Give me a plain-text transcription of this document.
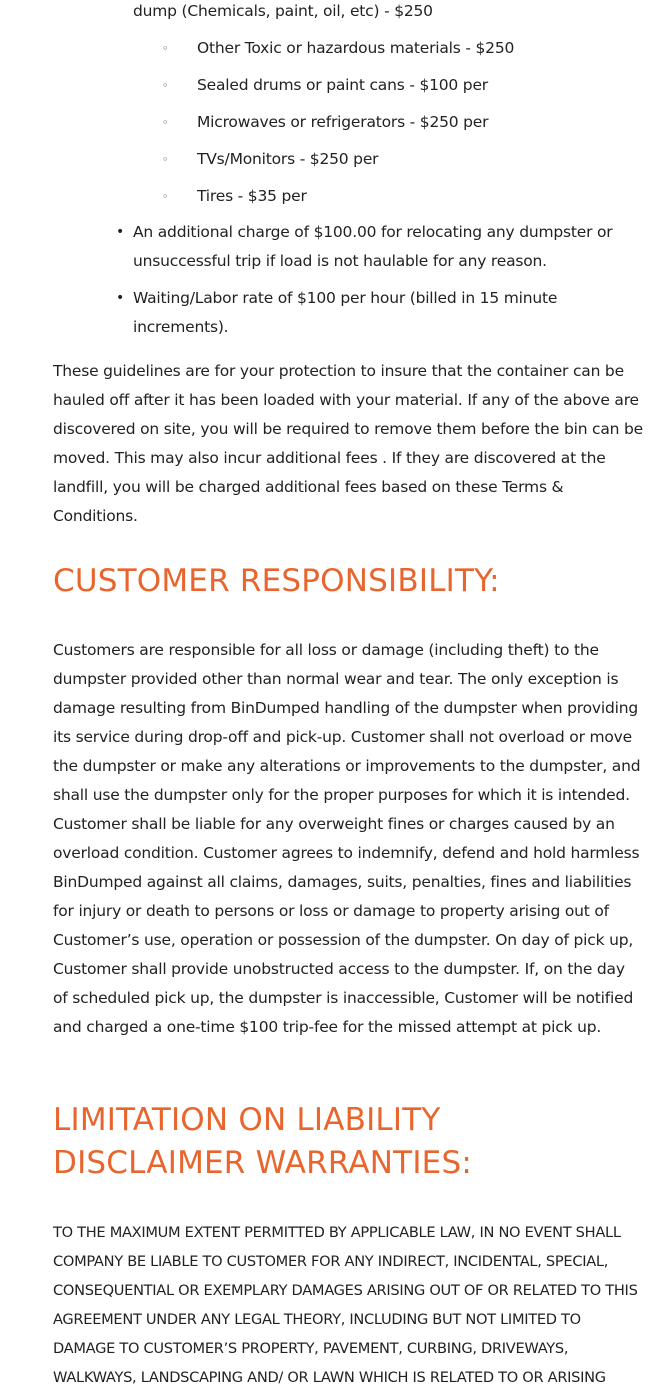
dump (Chemicals, paint, oil, etc) - $250
◦ Other Toxic or hazardous materials - $250
◦ Sealed drums or paint cans - $100 per
◦ Microwaves or refrigerators - $250 per
◦ TVs/Monitors - $250 per
◦ Tires - $35 per
• An additional charge of $100.00 for relocating any dumpster or unsuccessful trip if load is not haulable for any reason.
• Waiting/Labor rate of $100 per hour (billed in 15 minute increments).

These guidelines are for your protection to insure that the container can be hauled off after it has been loaded with your material. If any of the above are discovered on site, you will be required to remove them before the bin can be moved. This may also incur additional fees . If they are discovered at the landfill, you will be charged additional fees based on these Terms & Conditions.

CUSTOMER RESPONSIBILITY:

Customers are responsible for all loss or damage (including theft) to the dumpster provided other than normal wear and tear. The only exception is damage resulting from BinDumped handling of the dumpster when providing its service during drop-off and pick-up. Customer shall not overload or move the dumpster or make any alterations or improvements to the dumpster, and shall use the dumpster only for the proper purposes for which it is intended. Customer shall be liable for any overweight fines or charges caused by an overload condition. Customer agrees to indemnify, defend and hold harmless BinDumped against all claims, damages, suits, penalties, fines and liabilities for injury or death to persons or loss or damage to property arising out of Customer’s use, operation or possession of the dumpster. On day of pick up, Customer shall provide unobstructed access to the dumpster. If, on the day of scheduled pick up, the dumpster is inaccessible, Customer will be notified and charged a one-time $100 trip-fee for the missed attempt at pick up.

LIMITATION ON LIABILITY DISCLAIMER WARRANTIES:

TO THE MAXIMUM EXTENT PERMITTED BY APPLICABLE LAW, IN NO EVENT SHALL COMPANY BE LIABLE TO CUSTOMER FOR ANY INDIRECT, INCIDENTAL, SPECIAL, CONSEQUENTIAL OR EXEMPLARY DAMAGES ARISING OUT OF OR RELATED TO THIS AGREEMENT UNDER ANY LEGAL THEORY, INCLUDING BUT NOT LIMITED TO DAMAGE TO CUSTOMER’S PROPERTY, PAVEMENT, CURBING, DRIVEWAYS, WALKWAYS, LANDSCAPING AND/ OR LAWN WHICH IS RELATED TO OR ARISING
